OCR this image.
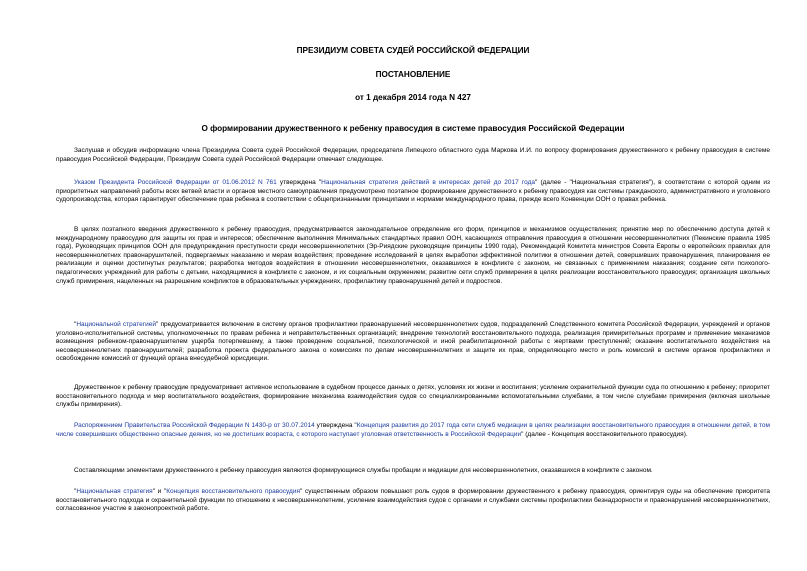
ПРЕЗИДИУМ СОВЕТА СУДЕЙ РОССИЙСКОЙ ФЕДЕРАЦИИ
ПОСТАНОВЛЕНИЕ
от 1 декабря 2014 года N 427
О формировании дружественного к ребенку правосудия в системе правосудия Российской Федерации

Заслушав и обсудив информацию члена Президиума Совета судей Российской Федерации, председателя Липецкого областного суда Маркова И.И. по вопросу формирования дружественного к ребенку правосудия в системе правосудия Российской Федерации, Президиум Совета судей Российской Федерации отмечает следующее.

Указом Президента Российской Федерации от 01.06.2012 N 761 утверждена "Национальная стратегия действий в интересах детей до 2017 года" (далее - "Национальная стратегия"), в соответствии с которой одним из приоритетных направлений работы всех ветвей власти и органов местного самоуправления предусмотрено поэтапное формирование дружественного к ребенку правосудия как системы гражданского, административного и уголовного судопроизводства, которая гарантирует обеспечение прав ребенка в соответствии с общепризнанными принципами и нормами международного права, прежде всего Конвенции ООН о правах ребенка.

В целях поэтапного введения дружественного к ребенку правосудия, предусматривается законодательное определение его форм, принципов и механизмов осуществления; принятие мер по обеспечению доступа детей к международному правосудию для защиты их прав и интересов; обеспечение выполнения Минимальных стандартных правил ООН, касающихся отправления правосудия в отношении несовершеннолетних (Пекинские правила 1985 года), Руководящих принципов ООН для предупреждения преступности среди несовершеннолетних (Эр-Риядские руководящие принципы 1990 года), Рекомендаций Комитета министров Совета Европы о европейских правилах для несовершеннолетних правонарушителей, подвергаемых наказанию и мерам воздействия; проведение исследований в целях выработки эффективной политики в отношении детей, совершивших правонарушения, планирования ее реализации и оценки достигнутых результатов; разработка методов воздействия в отношении несовершеннолетних, оказавшихся в конфликте с законом, не связанных с применением наказания; создание сети психолого-педагогических учреждений для работы с детьми, находящимися в конфликте с законом, и их социальным окружением; развитие сети служб примирения в целях реализации восстановительного правосудия; организация школьных служб примирения, нацеленных на разрешение конфликтов в образовательных учреждениях, профилактику правонарушений детей и подростков.

"Национальной стратегией" предусматривается включение в систему органов профилактики правонарушений несовершеннолетних судов, подразделений Следственного комитета Российской Федерации, учреждений и органов уголовно-исполнительной системы, уполномоченных по правам ребенка и неправительственных организаций; внедрение технологий восстановительного подхода, реализация примирительных программ и применение механизмов возмещения ребенком-правонарушителем ущерба потерпевшему, а также проведение социальной, психологической и иной реабилитационной работы с жертвами преступлений; оказание воспитательного воздействия на несовершеннолетних правонарушителей; разработка проекта федерального закона о комиссиях по делам несовершеннолетних и защите их прав, определяющего место и роль комиссий в системе органов профилактики и освобождение комиссий от функций органа внесудебной юрисдикции.

Дружественное к ребенку правосудие предусматривает активное использование в судебном процессе данных о детях, условиях их жизни и воспитания; усиление охранительной функции суда по отношению к ребенку; приоритет восстановительного подхода и мер воспитательного воздействия, формирование механизма взаимодействия судов со специализированными вспомогательными службами, в том числе службами примирения (включая школьные службы примирения).

Распоряжением Правительства Российской Федерации N 1430-р от 30.07.2014 утверждена "Концепция развития до 2017 года сети служб медиации в целях реализации восстановительного правосудия в отношении детей, в том числе совершивших общественно опасные деяния, но не достигших возраста, с которого наступает уголовная ответственность в Российской Федерации" (далее - Концепция восстановительного правосудия).

Составляющими элементами дружественного к ребенку правосудия являются формирующиеся службы пробации и медиации для несовершеннолетних, оказавшихся в конфликте с законом.

"Национальная стратегия" и "Концепция восстановительного правосудия" существенным образом повышают роль судов в формировании дружественного к ребенку правосудия, ориентируя суды на обеспечение приоритета восстановительного подхода и охранительной функции по отношению к несовершеннолетним, усиление взаимодействия судов с органами и службами системы профилактики безнадзорности и правонарушений несовершеннолетних, согласованное участие в законопроектной работе.
